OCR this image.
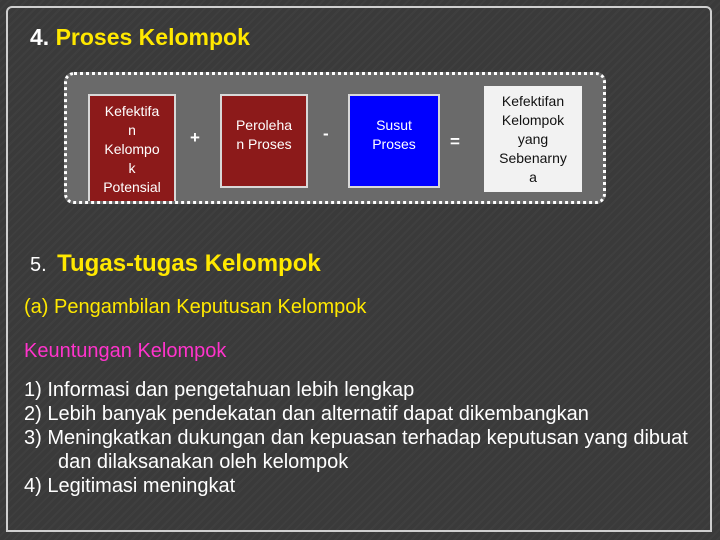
4. Proses Kelompok
Kefektifa
n
Kelompo
k
Potensial
+
Peroleha
n Proses
-	Susut
Proses	=
Kefektifan
Kelompok
yang
Sebenarny
a
5. Tugas-tugas Kelompok
(a) Pengambilan Keputusan Kelompok
Keuntungan Kelompok
1) Informasi dan pengetahuan lebih lengkap
2) Lebih banyak pendekatan dan alternatif dapat dikembangkan
3) Meningkatkan dukungan dan kepuasan terhadap keputusan yang dibuat dan dilaksanakan oleh kelompok
4) Legitimasi meningkat
